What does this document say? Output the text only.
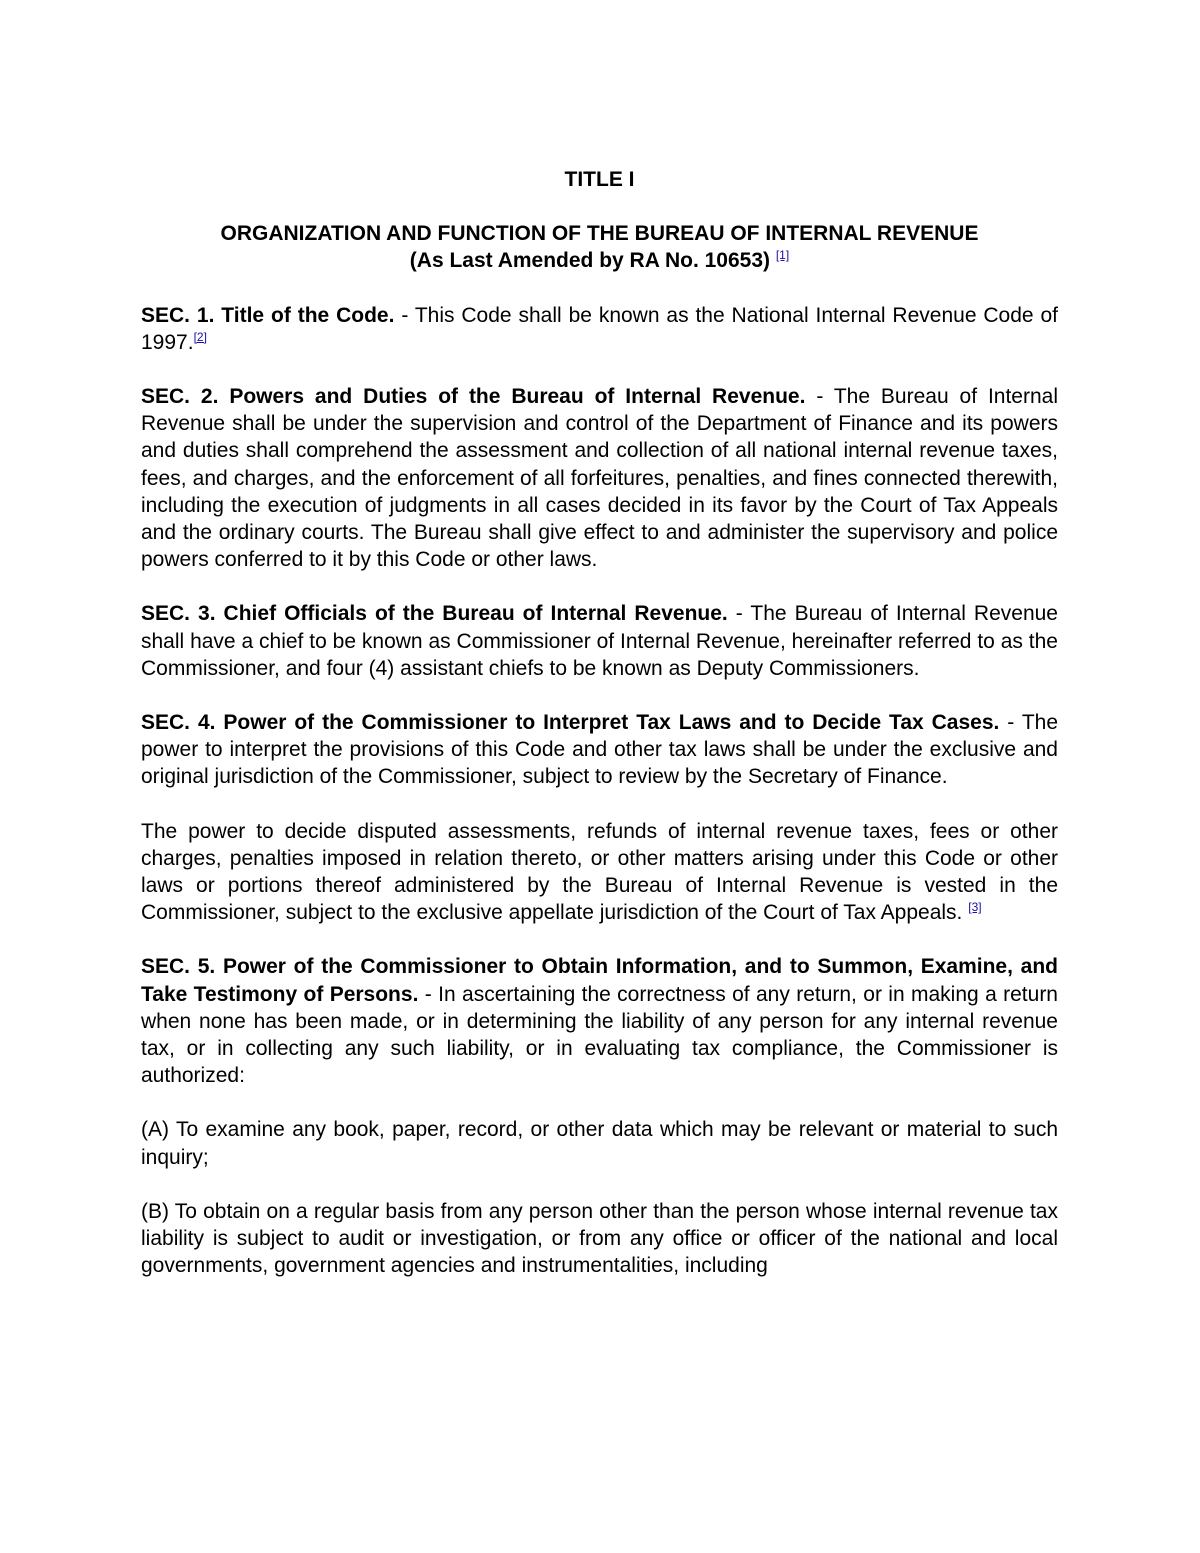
TITLE I

ORGANIZATION AND FUNCTION OF THE BUREAU OF INTERNAL REVENUE

(As Last Amended by RA No. 10653) [1]

SEC. 1. Title of the Code. - This Code shall be known as the National Internal Revenue Code of 1997.[2]

SEC. 2. Powers and Duties of the Bureau of Internal Revenue. - The Bureau of Internal Revenue shall be under the supervision and control of the Department of Finance and its powers and duties shall comprehend the assessment and collection of all national internal revenue taxes, fees, and charges, and the enforcement of all forfeitures, penalties, and fines connected therewith, including the execution of judgments in all cases decided in its favor by the Court of Tax Appeals and the ordinary courts. The Bureau shall give effect to and administer the supervisory and police powers conferred to it by this Code or other laws.

SEC. 3. Chief Officials of the Bureau of Internal Revenue. - The Bureau of Internal Revenue shall have a chief to be known as Commissioner of Internal Revenue, hereinafter referred to as the Commissioner, and four (4) assistant chiefs to be known as Deputy Commissioners.

SEC. 4. Power of the Commissioner to Interpret Tax Laws and to Decide Tax Cases. - The power to interpret the provisions of this Code and other tax laws shall be under the exclusive and original jurisdiction of the Commissioner, subject to review by the Secretary of Finance.

The power to decide disputed assessments, refunds of internal revenue taxes, fees or other charges, penalties imposed in relation thereto, or other matters arising under this Code or other laws or portions thereof administered by the Bureau of Internal Revenue is vested in the Commissioner, subject to the exclusive appellate jurisdiction of the Court of Tax Appeals. [3]

SEC. 5. Power of the Commissioner to Obtain Information, and to Summon, Examine, and Take Testimony of Persons. - In ascertaining the correctness of any return, or in making a return when none has been made, or in determining the liability of any person for any internal revenue tax, or in collecting any such liability, or in evaluating tax compliance, the Commissioner is authorized:

(A) To examine any book, paper, record, or other data which may be relevant or material to such inquiry;

(B) To obtain on a regular basis from any person other than the person whose internal revenue tax liability is subject to audit or investigation, or from any office or officer of the national and local governments, government agencies and instrumentalities, including
